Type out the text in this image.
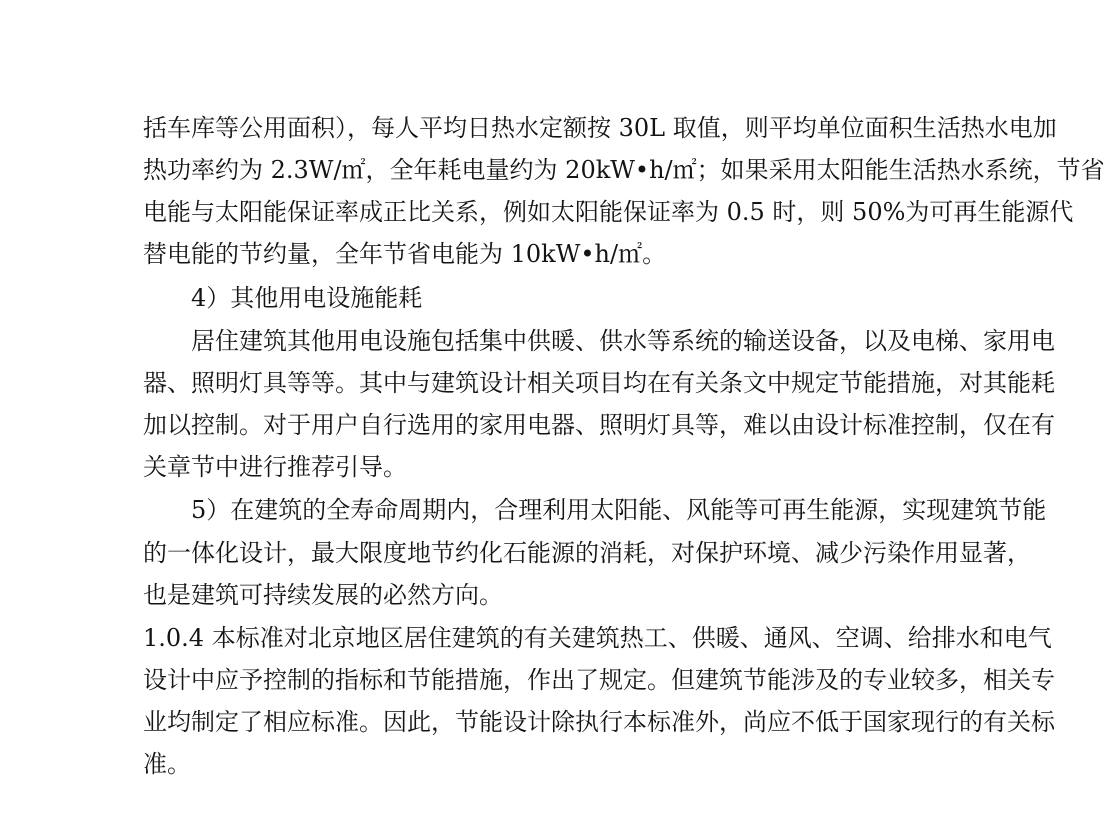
括车库等公用面积），每人平均日热水定额按 30L 取值，则平均单位面积生活热水电加
热功率约为 2.3W/㎡，全年耗电量约为 20kW•h/㎡；如果采用太阳能生活热水系统，节省
电能与太阳能保证率成正比关系，例如太阳能保证率为 0.5 时，则 50%为可再生能源代
替电能的节约量，全年节省电能为 10kW•h/㎡。
4）其他用电设施能耗
居住建筑其他用电设施包括集中供暖、供水等系统的输送设备，以及电梯、家用电
器、照明灯具等等。其中与建筑设计相关项目均在有关条文中规定节能措施，对其能耗
加以控制。对于用户自行选用的家用电器、照明灯具等，难以由设计标准控制，仅在有
关章节中进行推荐引导。
5）在建筑的全寿命周期内，合理利用太阳能、风能等可再生能源，实现建筑节能
的一体化设计，最大限度地节约化石能源的消耗，对保护环境、减少污染作用显著，
也是建筑可持续发展的必然方向。
1.0.4 本标准对北京地区居住建筑的有关建筑热工、供暖、通风、空调、给排水和电气
设计中应予控制的指标和节能措施，作出了规定。但建筑节能涉及的专业较多，相关专
业均制定了相应标准。因此，节能设计除执行本标准外，尚应不低于国家现行的有关标
准。
